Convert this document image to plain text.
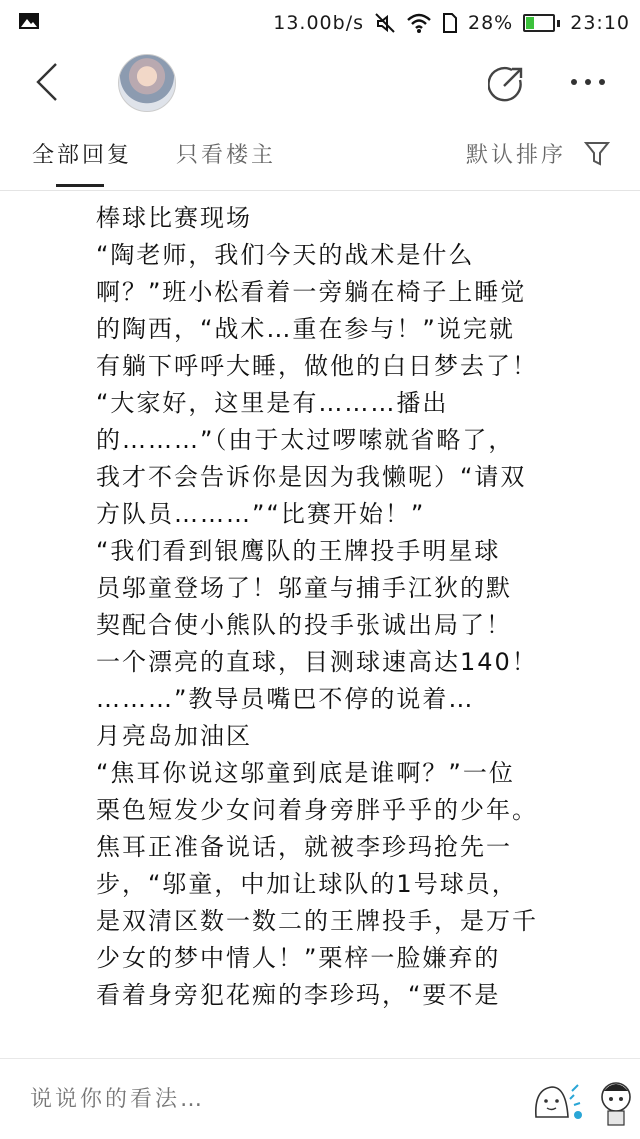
13.00b/s	28%	23:10
全部回复 只看楼主	默认排序
棒球比赛现场
“陶老师，我们今天的战术是什么
啊？”班小松看着一旁躺在椅子上睡觉
的陶西，“战术…重在参与！”说完就
有躺下呼呼大睡，做他的白日梦去了！
“大家好，这里是有………播出
的………”（由于太过啰嗦就省略了，
我才不会告诉你是因为我懒呢）“请双
方队员………”“比赛开始！”
“我们看到银鹰队的王牌投手明星球
员邬童登场了！邬童与捕手江狄的默
契配合使小熊队的投手张诚出局了！
一个漂亮的直球，目测球速高达140！
………”教导员嘴巴不停的说着…
月亮岛加油区
“焦耳你说这邬童到底是谁啊？”一位
栗色短发少女问着身旁胖乎乎的少年。
焦耳正准备说话，就被李珍玛抢先一
步，“邬童，中加让球队的1号球员，
是双清区数一数二的王牌投手，是万千
少女的梦中情人！”栗梓一脸嫌弃的
看着身旁犯花痴的李珍玛，“要不是
说说你的看法…
